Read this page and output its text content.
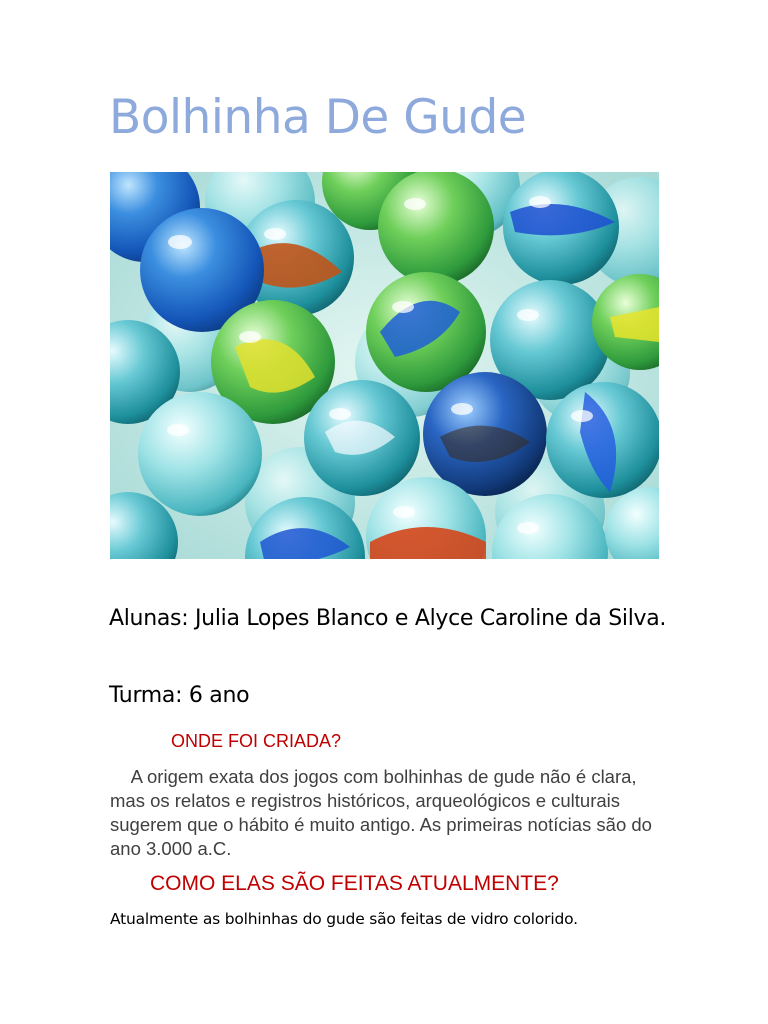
Bolhinha De Gude

Alunas: Julia Lopes Blanco e Alyce Caroline da Silva.

Turma: 6 ano

ONDE FOI CRIADA?

A origem exata dos jogos com bolhinhas de gude não é clara, mas os relatos e registros históricos, arqueológicos e culturais sugerem que o hábito é muito antigo. As primeiras notícias são do ano 3.000 a.C.

COMO ELAS SÃO FEITAS ATUALMENTE?

Atualmente as bolhinhas do gude são feitas de vidro colorido.
